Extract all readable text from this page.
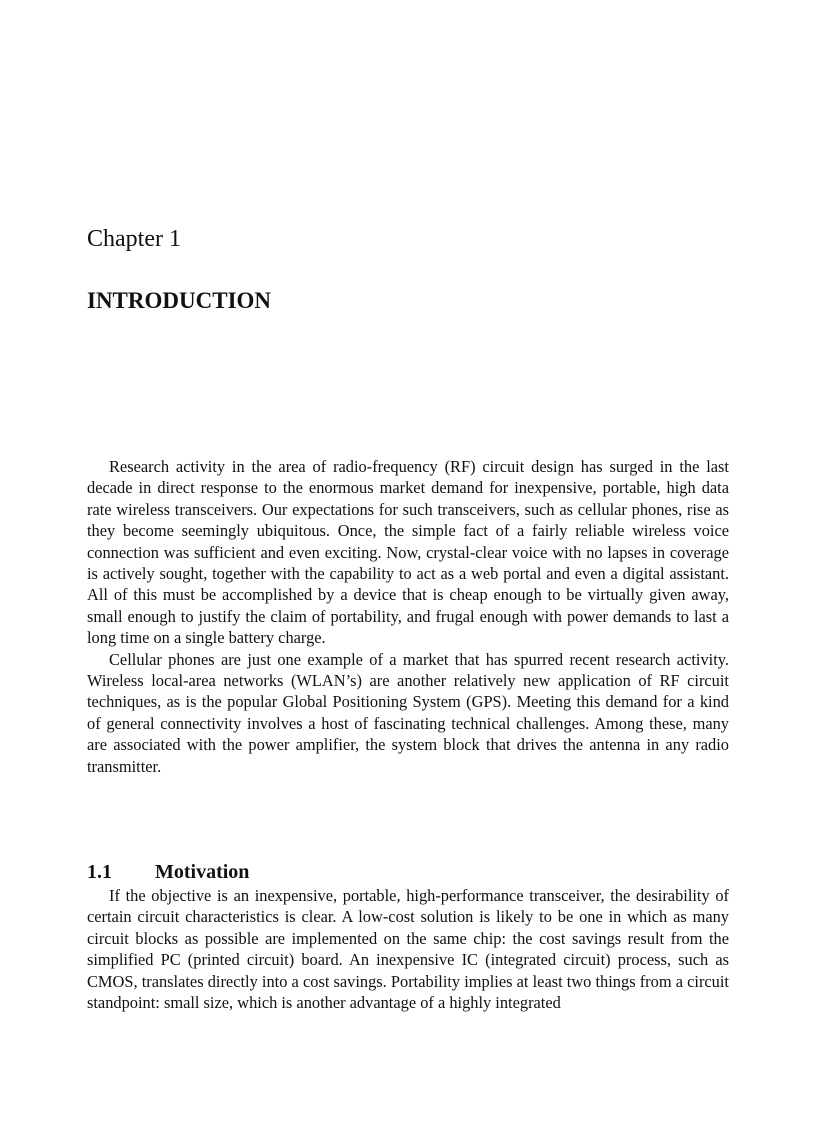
Chapter 1
INTRODUCTION

Research activity in the area of radio-frequency (RF) circuit design has surged in the last decade in direct response to the enormous market demand for inexpensive, portable, high data rate wireless transceivers. Our expectations for such transceivers, such as cellular phones, rise as they become seemingly ubiquitous. Once, the simple fact of a fairly reliable wireless voice connection was sufficient and even exciting. Now, crystal-clear voice with no lapses in coverage is actively sought, together with the capability to act as a web portal and even a digital assistant. All of this must be accomplished by a device that is cheap enough to be virtually given away, small enough to justify the claim of portability, and frugal enough with power demands to last a long time on a single battery charge.

Cellular phones are just one example of a market that has spurred recent research activity. Wireless local-area networks (WLAN’s) are another relatively new application of RF circuit techniques, as is the popular Global Positioning System (GPS). Meeting this demand for a kind of general connectivity involves a host of fascinating technical challenges. Among these, many are associated with the power amplifier, the system block that drives the antenna in any radio transmitter.

1.1 Motivation

If the objective is an inexpensive, portable, high-performance transceiver, the desirability of certain circuit characteristics is clear. A low-cost solution is likely to be one in which as many circuit blocks as possible are implemented on the same chip: the cost savings result from the simplified PC (printed circuit) board. An inexpensive IC (integrated circuit) process, such as CMOS, translates directly into a cost savings. Portability implies at least two things from a circuit standpoint: small size, which is another advantage of a highly integrated
